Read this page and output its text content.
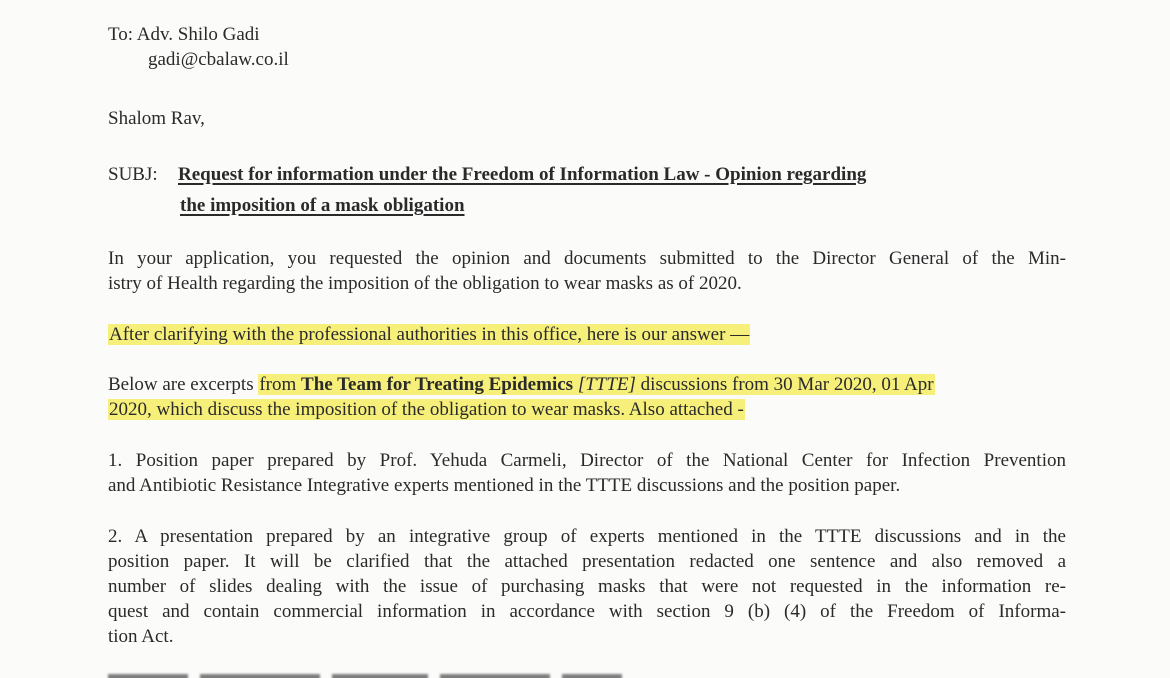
To: Adv. Shilo Gadi
gadi@cbalaw.co.il
Shalom Rav,
SUBJ: Request for information under the Freedom of Information Law - Opinion regarding
the imposition of a mask obligation
In your application, you requested the opinion and documents submitted to the Director General of the Min-
istry of Health regarding the imposition of the obligation to wear masks as of 2020.
After clarifying with the professional authorities in this office, here is our answer —
Below are excerpts from The Team for Treating Epidemics [TTTE] discussions from 30 Mar 2020, 01 Apr
2020, which discuss the imposition of the obligation to wear masks. Also attached -
1. Position paper prepared by Prof. Yehuda Carmeli, Director of the National Center for Infection Prevention
and Antibiotic Resistance Integrative experts mentioned in the TTTE discussions and the position paper.
2. A presentation prepared by an integrative group of experts mentioned in the TTTE discussions and in the
position paper. It will be clarified that the attached presentation redacted one sentence and also removed a
number of slides dealing with the issue of purchasing masks that were not requested in the information re-
quest and contain commercial information in accordance with section 9 (b) (4) of the Freedom of Informa-
tion Act.
